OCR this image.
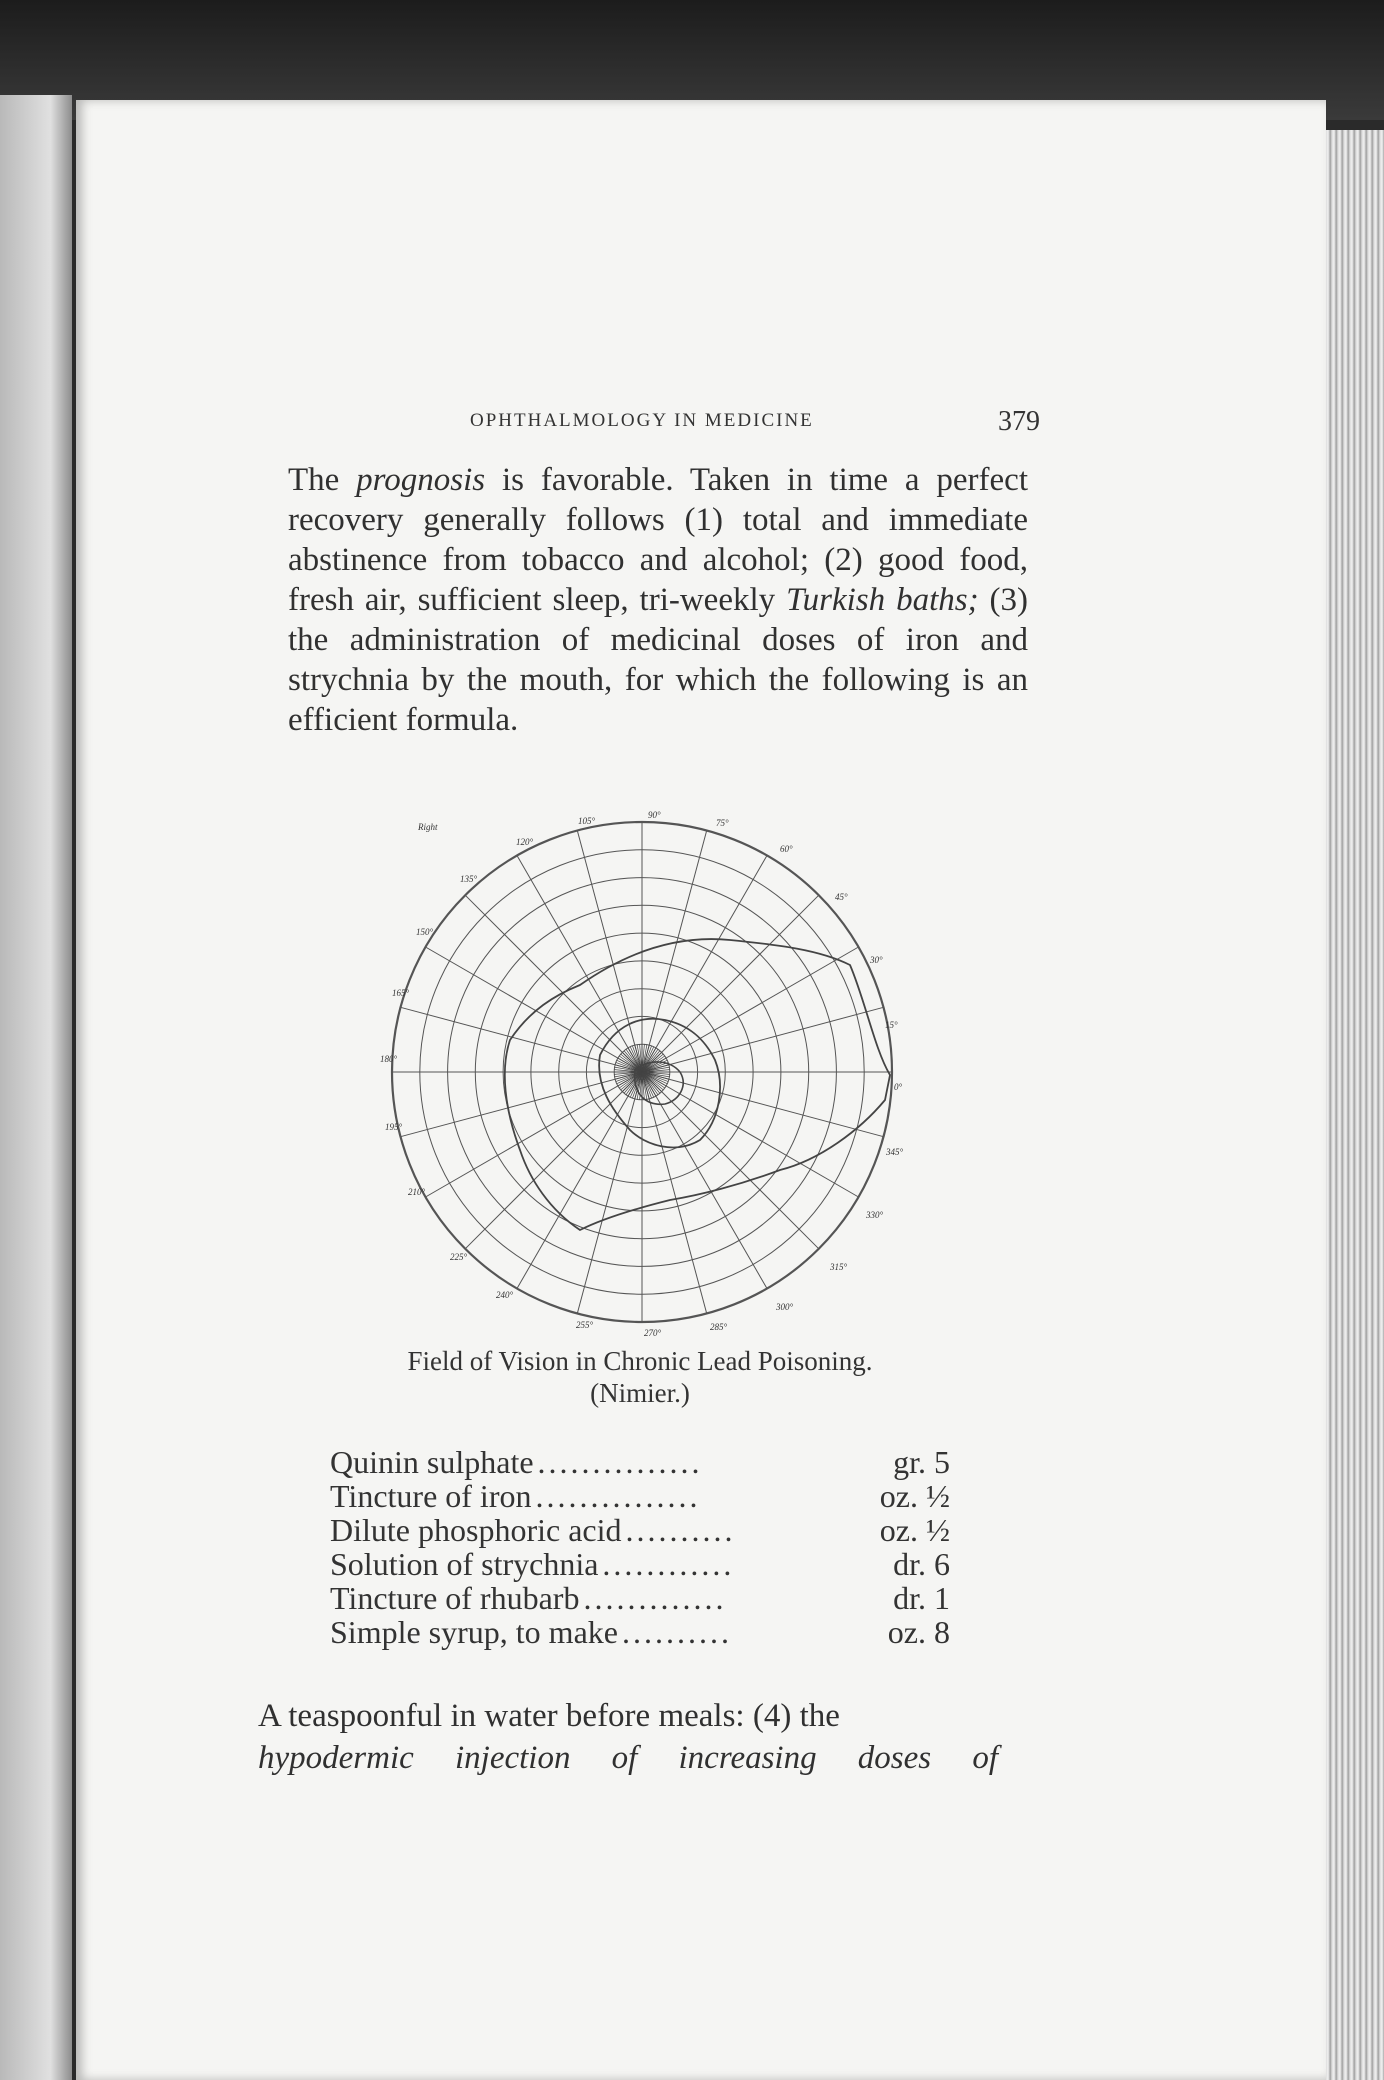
OPHTHALMOLOGY IN MEDICINE	379

The prognosis is favorable. Taken in time a perfect recovery generally follows (1) total and immediate abstinence from tobacco and alcohol; (2) good food, fresh air, sufficient sleep, tri-weekly Turkish baths; (3) the administration of medicinal doses of iron and strychnia by the mouth, for which the following is an efficient formula.

Right
90°
75°
60°
45°
30°
15°
0°
345°
330°
315°
300°
285°
270°
255°
240°
225°
210°
195°
180°
165°
150°
135°
120°
105°
Field of Vision in Chronic Lead Poisoning.
(Nimier.)
Quinin sulphate ...............	gr. 5
Tincture of iron ...............	oz. ½
Dilute phosphoric acid ..........	oz. ½
Solution of strychnia ............	dr. 6
Tincture of rhubarb .............	dr. 1
Simple syrup, to make ..........	oz. 8
A teaspoonful in water before meals: (4) the
hypodermic injection of increasing doses of
